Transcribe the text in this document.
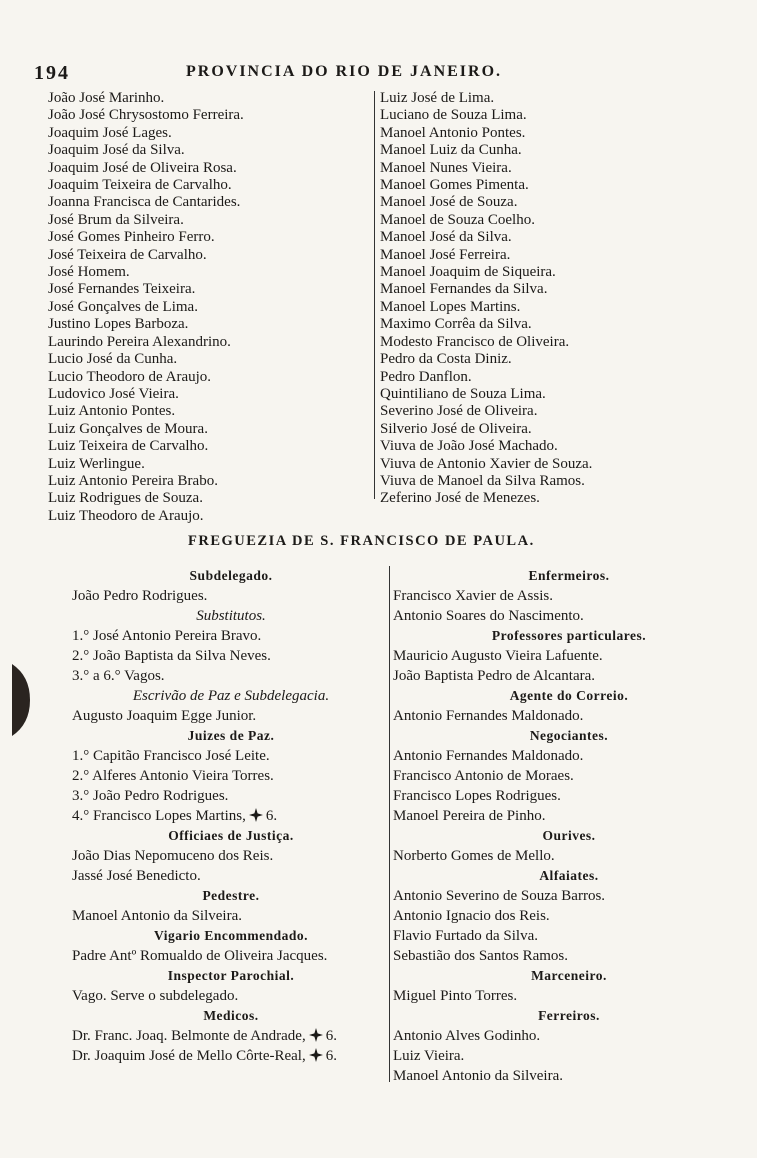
194	PROVINCIA DO RIO DE JANEIRO.
João José Marinho.
João José Chrysostomo Ferreira.
Joaquim José Lages.
Joaquim José da Silva.
Joaquim José de Oliveira Rosa.
Joaquim Teixeira de Carvalho.
Joanna Francisca de Cantarides.
José Brum da Silveira.
José Gomes Pinheiro Ferro.
José Teixeira de Carvalho.
José Homem.
José Fernandes Teixeira.
José Gonçalves de Lima.
Justino Lopes Barboza.
Laurindo Pereira Alexandrino.
Lucio José da Cunha.
Lucio Theodoro de Araujo.
Ludovico José Vieira.
Luiz Antonio Pontes.
Luiz Gonçalves de Moura.
Luiz Teixeira de Carvalho.
Luiz Werlingue.
Luiz Antonio Pereira Brabo.
Luiz Rodrigues de Souza.
Luiz Theodoro de Araujo.
Luiz José de Lima.
Luciano de Souza Lima.
Manoel Antonio Pontes.
Manoel Luiz da Cunha.
Manoel Nunes Vieira.
Manoel Gomes Pimenta.
Manoel José de Souza.
Manoel de Souza Coelho.
Manoel José da Silva.
Manoel José Ferreira.
Manoel Joaquim de Siqueira.
Manoel Fernandes da Silva.
Manoel Lopes Martins.
Maximo Corrêa da Silva.
Modesto Francisco de Oliveira.
Pedro da Costa Diniz.
Pedro Danflon.
Quintiliano de Souza Lima.
Severino José de Oliveira.
Silverio José de Oliveira.
Viuva de João José Machado.
Viuva de Antonio Xavier de Souza.
Viuva de Manoel da Silva Ramos.
Zeferino José de Menezes.
FREGUEZIA DE S. FRANCISCO DE PAULA.
Subdelegado.
João Pedro Rodrigues.
Substitutos.
1.° José Antonio Pereira Bravo.
2.° João Baptista da Silva Neves.
3.° a 6.° Vagos.
Escrivão de Paz e Subdelegacia.
Augusto Joaquim Egge Junior.
Juizes de Paz.
1.° Capitão Francisco José Leite.
2.° Alferes Antonio Vieira Torres.
3.° João Pedro Rodrigues.
4.° Francisco Lopes Martins, 6.
Officiaes de Justiça.
João Dias Nepomuceno dos Reis.
Jassé José Benedicto.
Pedestre.
Manoel Antonio da Silveira.
Vigario Encommendado.
Padre Antº Romualdo de Oliveira Jacques.
Inspector Parochial.
Vago. Serve o subdelegado.
Medicos.
Dr. Franc. Joaq. Belmonte de Andrade, 6.
Dr. Joaquim José de Mello Côrte-Real, 6.
Enfermeiros.
Francisco Xavier de Assis.
Antonio Soares do Nascimento.
Professores particulares.
Mauricio Augusto Vieira Lafuente.
João Baptista Pedro de Alcantara.
Agente do Correio.
Antonio Fernandes Maldonado.
Negociantes.
Antonio Fernandes Maldonado.
Francisco Antonio de Moraes.
Francisco Lopes Rodrigues.
Manoel Pereira de Pinho.
Ourives.
Norberto Gomes de Mello.
Alfaiates.
Antonio Severino de Souza Barros.
Antonio Ignacio dos Reis.
Flavio Furtado da Silva.
Sebastião dos Santos Ramos.
Marceneiro.
Miguel Pinto Torres.
Ferreiros.
Antonio Alves Godinho.
Luiz Vieira.
Manoel Antonio da Silveira.
